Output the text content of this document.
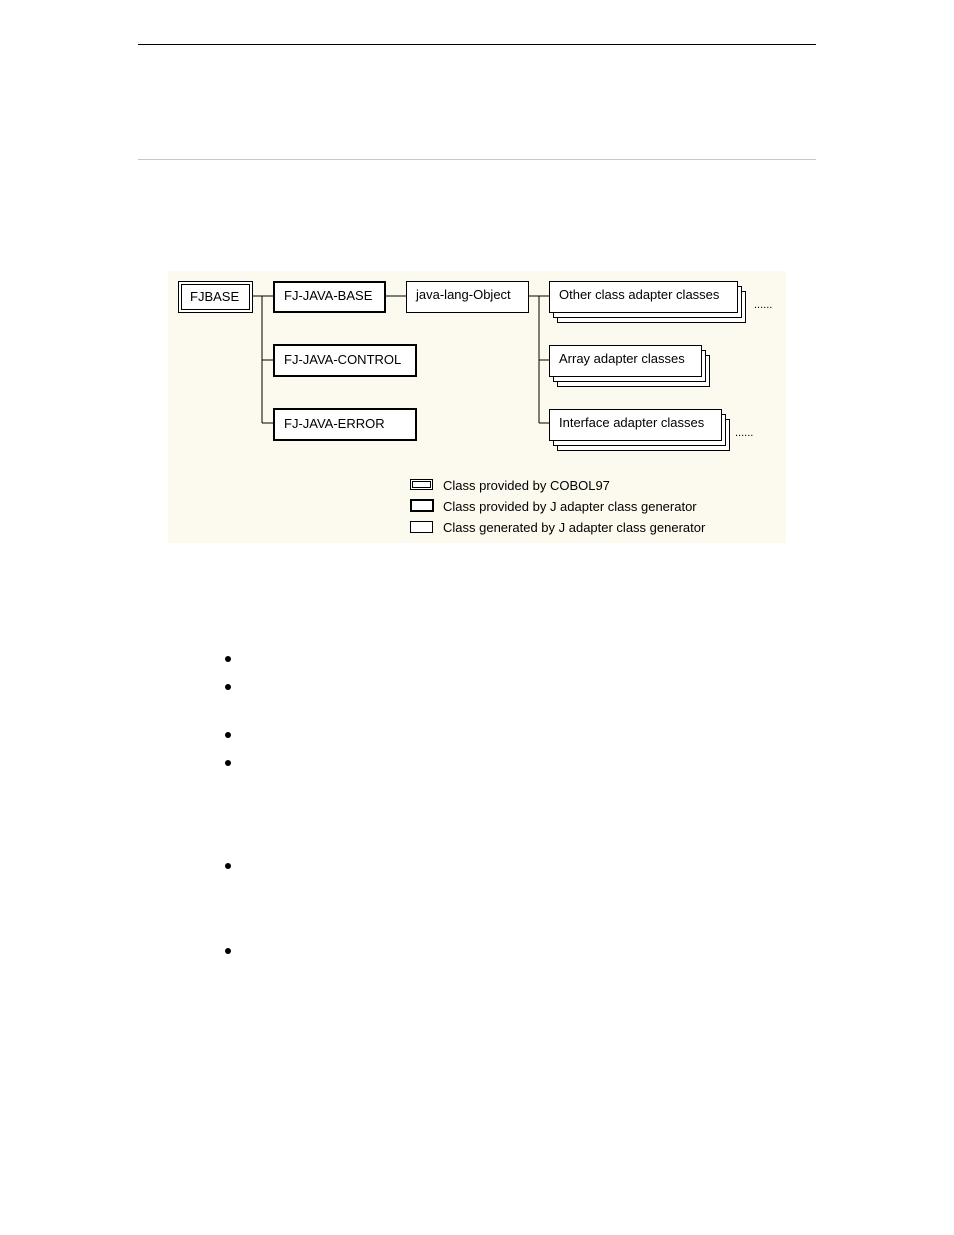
FJBASE	FJ-JAVA-BASE
FJ-JAVA-CONTROL
FJ-JAVA-ERROR
java-lang-Object	Other class adapter classes
......
Array adapter classes
Interface adapter classes
......
Class provided by COBOL97
Class provided by J adapter class generator
Class generated by J adapter class generator
